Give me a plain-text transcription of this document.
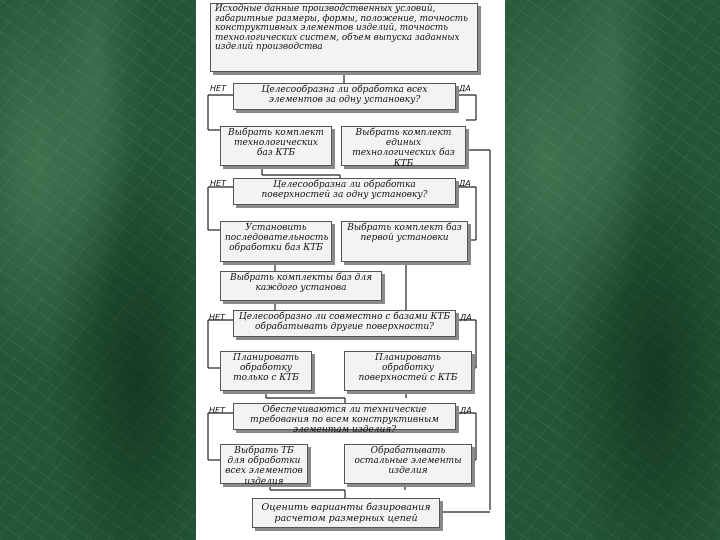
Исходные данные производственных условий, габаритные размеры, формы, положение, точность конструктивных элементов изделий, точность технологических систем, объем выпуска заданных изделий производства
Целесообразна ли обработка всех элементов за одну установку?
НЕТ	ДА
Выбрать комплект технологических баз КТБ
Выбрать комплект единых технологических баз КТБ
Целесообразна ли обработка поверхностей за одну установку?
НЕТ	ДА
Установить последовательность обработки баз КТБ
Выбрать комплект баз первой установки
Выбрать комплекты баз для каждого установа
Целесообразно ли совместно с базами КТБ обрабатывать другие поверхности?
НЕТ	ДА
Планировать обработку только с КТБ
Планировать обработку поверхностей с КТБ
Обеспечиваются ли технические требования по всем конструктивным элементам изделия?
НЕТ	ДА
Выбрать ТБ для обработки всех элементов изделия
Обрабатывать остальные элементы изделия
Оценить варианты базирования расчетом размерных цепей
